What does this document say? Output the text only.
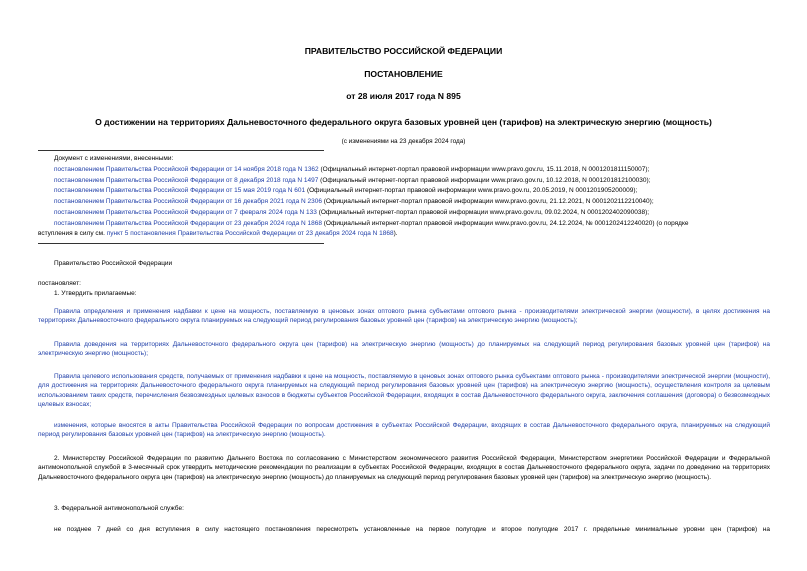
ПРАВИТЕЛЬСТВО РОССИЙСКОЙ ФЕДЕРАЦИИ
ПОСТАНОВЛЕНИЕ
от 28 июля 2017 года N 895
О достижении на территориях Дальневосточного федерального округа базовых уровней цен (тарифов) на электрическую энергию (мощность)
(с изменениями на 23 декабря 2024 года)
Документ с изменениями, внесенными:
постановлением Правительства Российской Федерации от 14 ноября 2018 года N 1362 (Официальный интернет-портал правовой информации www.pravo.gov.ru, 15.11.2018, N 0001201811150007);
постановлением Правительства Российской Федерации от 8 декабря 2018 года N 1497 (Официальный интернет-портал правовой информации www.pravo.gov.ru, 10.12.2018, N 0001201812100030);
постановлением Правительства Российской Федерации от 15 мая 2019 года N 601 (Официальный интернет-портал правовой информации www.pravo.gov.ru, 20.05.2019, N 0001201905200009);
постановлением Правительства Российской Федерации от 16 декабря 2021 года N 2306 (Официальный интернет-портал правовой информации www.pravo.gov.ru, 21.12.2021, N 0001202112210040);
постановлением Правительства Российской Федерации от 7 февраля 2024 года N 133 (Официальный интернет-портал правовой информации www.pravo.gov.ru, 09.02.2024, N 0001202402090038);
постановлением Правительства Российской Федерации от 23 декабря 2024 года N 1868 (Официальный интернет-портал правовой информации www.pravo.gov.ru, 24.12.2024, № 0001202412240020) (о порядке
вступления в силу см. пункт 5 постановления Правительства Российской Федерации от 23 декабря 2024 года N 1868).
Правительство Российской Федерации
постановляет:
1. Утвердить прилагаемые:
Правила определения и применения надбавки к цене на мощность, поставляемую в ценовых зонах оптового рынка субъектами оптового рынка - производителями электрической энергии (мощности), в целях достижения на территориях Дальневосточного федерального округа планируемых на следующий период регулирования базовых уровней цен (тарифов) на электрическую энергию (мощность);
Правила доведения на территориях Дальневосточного федерального округа цен (тарифов) на электрическую энергию (мощность) до планируемых на следующий период регулирования базовых уровней цен (тарифов) на электрическую энергию (мощность);
Правила целевого использования средств, получаемых от применения надбавки к цене на мощность, поставляемую в ценовых зонах оптового рынка субъектами оптового рынка - производителями электрической энергии (мощности), для достижения на территориях Дальневосточного федерального округа планируемых на следующий период регулирования базовых уровней цен (тарифов) на электрическую энергию (мощность), осуществления контроля за целевым использованием таких средств, перечисления безвозмездных целевых взносов в бюджеты субъектов Российской Федерации, входящих в состав Дальневосточного федерального округа, заключения соглашения (договора) о безвозмездных целевых взносах;
изменения, которые вносятся в акты Правительства Российской Федерации по вопросам достижения в субъектах Российской Федерации, входящих в состав Дальневосточного федерального округа, планируемых на следующий период регулирования базовых уровней цен (тарифов) на электрическую энергию (мощность).
2. Министерству Российской Федерации по развитию Дальнего Востока по согласованию с Министерством экономического развития Российской Федерации, Министерством энергетики Российской Федерации и Федеральной антимонопольной службой в 3-месячный срок утвердить методические рекомендации по реализации в субъектах Российской Федерации, входящих в состав Дальневосточного федерального округа, задачи по доведению на территориях Дальневосточного федерального округа цен (тарифов) на электрическую энергию (мощность) до планируемых на следующий период регулирования базовых уровней цен (тарифов) на электрическую энергию (мощность).
3. Федеральной антимонопольной службе:
не позднее 7 дней со дня вступления в силу настоящего постановления пересмотреть установленные на первое полугодие и второе полугодие 2017 г. предельные минимальные уровни цен (тарифов) на
